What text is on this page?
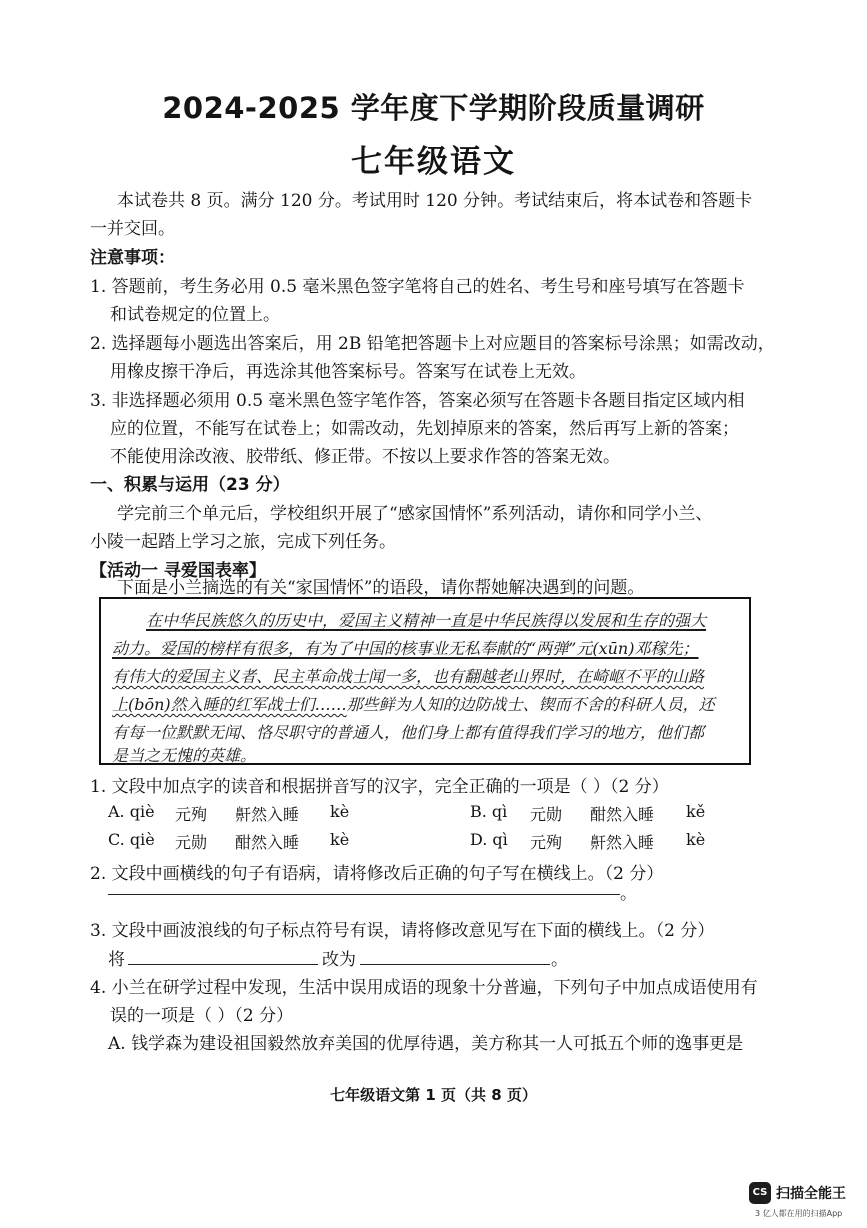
2024-2025 学年度下学期阶段质量调研
七年级语文
本试卷共 8 页。满分 120 分。考试用时 120 分钟。考试结束后，将本试卷和答题卡
一并交回。
注意事项：
1. 答题前，考生务必用 0.5 毫米黑色签字笔将自己的姓名、考生号和座号填写在答题卡
和试卷规定的位置上。
2. 选择题每小题选出答案后，用 2B 铅笔把答题卡上对应题目的答案标号涂黑；如需改动，
用橡皮擦干净后，再选涂其他答案标号。答案写在试卷上无效。
3. 非选择题必须用 0.5 毫米黑色签字笔作答，答案必须写在答题卡各题目指定区域内相
应的位置，不能写在试卷上；如需改动，先划掉原来的答案，然后再写上新的答案；
不能使用涂改液、胶带纸、修正带。不按以上要求作答的答案无效。
一、积累与运用（23 分）
学完前三个单元后，学校组织开展了“感家国情怀”系列活动，请你和同学小兰、
小陵一起踏上学习之旅，完成下列任务。
【活动一 寻爱国表率】
下面是小兰摘选的有关“家国情怀”的语段，请你帮她解决遇到的问题。
在中华民族悠久的历史中，爱国主义精神一直是中华民族得以发展和生存的强大
动力。爱国的榜样有很多，有为了中国的核事业无私奉献的“两弹”元(xūn)邓稼先；
有伟大的爱国主义者、民主革命战士闻一多，也有翻越老山界时，在崎岖不平的山路
上(bōn)然入睡的红军战士们……那些鲜为人知的边防战士、锲而不舍的科研人员，还
有每一位默默无闻、恪尽职守的普通人，他们身上都有值得我们学习的地方，他们都
是当之无愧的英雄。
1. 文段中加点字的读音和根据拼音写的汉字，完全正确的一项是（ ）（2 分）
A. qiè 元殉 鼾然入睡 kè	B. qì 元勋 酣然入睡 kě
C. qiè 元勋 酣然入睡 kè	D. qì 元殉 鼾然入睡 kè
2. 文段中画横线的句子有语病，请将修改后正确的句子写在横线上。（2 分）
。
3. 文段中画波浪线的句子标点符号有误，请将修改意见写在下面的横线上。（2 分）
将	改为	。
4. 小兰在研学过程中发现，生活中误用成语的现象十分普遍，下列句子中加点成语使用有
误的一项是（ ）（2 分）
A. 钱学森为建设祖国毅然放弃美国的优厚待遇，美方称其一人可抵五个师的逸事更是
七年级语文第 1 页（共 8 页）
CS 扫描全能王
3 亿人都在用的扫描App
